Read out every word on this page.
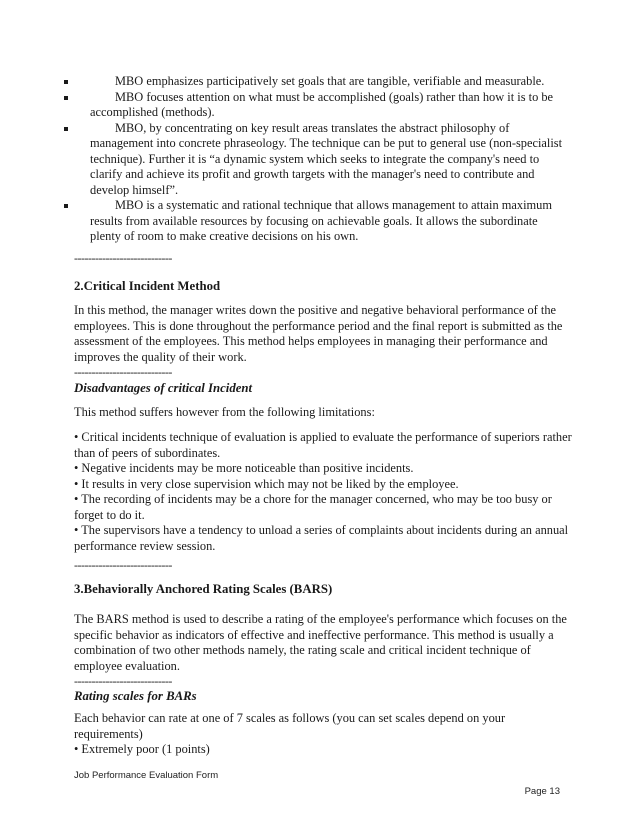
MBO emphasizes participatively set goals that are tangible, verifiable and measurable.
MBO focuses attention on what must be accomplished (goals) rather than how it is to be accomplished (methods).
MBO, by concentrating on key result areas translates the abstract philosophy of management into concrete phraseology. The technique can be put to general use (non-specialist technique). Further it is “a dynamic system which seeks to integrate the company's need to clarify and achieve its profit and growth targets with the manager's need to contribute and develop himself”.
MBO is a systematic and rational technique that allows management to attain maximum results from available resources by focusing on achievable goals. It allows the subordinate plenty of room to make creative decisions on his own.
----------------------------
2.Critical Incident Method
In this method, the manager writes down the positive and negative behavioral performance of the employees. This is done throughout the performance period and the final report is submitted as the assessment of the employees. This method helps employees in managing their performance and improves the quality of their work.
----------------------------
Disadvantages of critical Incident
This method suffers however from the following limitations:
• Critical incidents technique of evaluation is applied to evaluate the performance of superiors rather than of peers of subordinates.
• Negative incidents may be more noticeable than positive incidents.
• It results in very close supervision which may not be liked by the employee.
• The recording of incidents may be a chore for the manager concerned, who may be too busy or forget to do it.
• The supervisors have a tendency to unload a series of complaints about incidents during an annual performance review session.
----------------------------
3.Behaviorally Anchored Rating Scales (BARS)
The BARS method is used to describe a rating of the employee's performance which focuses on the specific behavior as indicators of effective and ineffective performance. This method is usually a combination of two other methods namely, the rating scale and critical incident technique of employee evaluation.
----------------------------
Rating scales for BARs
Each behavior can rate at one of 7 scales as follows (you can set scales depend on your requirements)
• Extremely poor (1 points)
Job Performance Evaluation Form
Page 13
